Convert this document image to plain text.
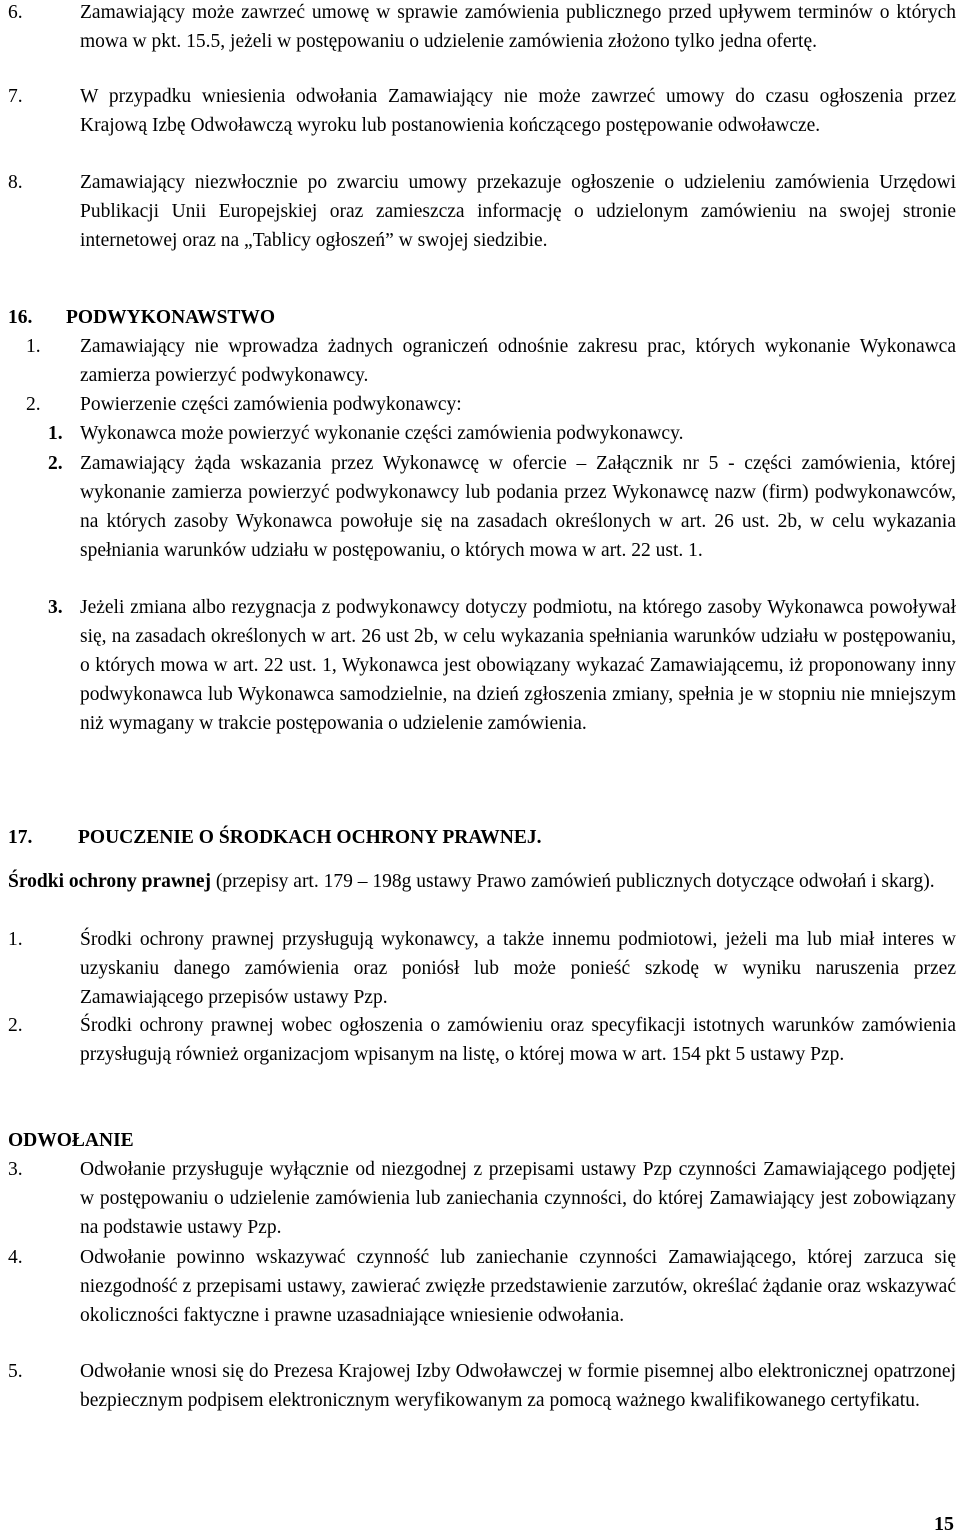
6.	Zamawiający może zawrzeć umowę w sprawie zamówienia publicznego przed upływem terminów o których mowa w pkt. 15.5, jeżeli w postępowaniu o udzielenie zamówienia złożono tylko jedna ofertę.
7.	W przypadku wniesienia odwołania Zamawiający nie może zawrzeć umowy do czasu ogłoszenia przez Krajową Izbę Odwoławczą wyroku lub postanowienia kończącego postępowanie odwoławcze.
8.	Zamawiający niezwłocznie po zwarciu umowy przekazuje ogłoszenie o udzieleniu zamówienia Urzędowi Publikacji Unii Europejskiej oraz zamieszcza informację o udzielonym zamówieniu na swojej stronie internetowej oraz na „Tablicy ogłoszeń” w swojej siedzibie.
16. PODWYKONAWSTWO
1. Zamawiający nie wprowadza żadnych ograniczeń odnośnie zakresu prac, których wykonanie Wykonawca zamierza powierzyć podwykonawcy.
2. Powierzenie części zamówienia podwykonawcy:
1. Wykonawca może powierzyć wykonanie części zamówienia podwykonawcy.
2. Zamawiający żąda wskazania przez Wykonawcę w ofercie – Załącznik nr 5 - części zamówienia, której wykonanie zamierza powierzyć podwykonawcy lub podania przez Wykonawcę nazw (firm) podwykonawców, na których zasoby Wykonawca powołuje się na zasadach określonych w art. 26 ust. 2b, w celu wykazania spełniania warunków udziału w postępowaniu, o których mowa w art. 22 ust. 1.
3. Jeżeli zmiana albo rezygnacja z podwykonawcy dotyczy podmiotu, na którego zasoby Wykonawca powoływał się, na zasadach określonych w art. 26 ust 2b, w celu wykazania spełniania warunków udziału w postępowaniu, o których mowa w art. 22 ust. 1, Wykonawca jest obowiązany wykazać Zamawiającemu, iż proponowany inny podwykonawca lub Wykonawca samodzielnie, na dzień zgłoszenia zmiany, spełnia je w stopniu nie mniejszym niż wymagany w trakcie postępowania o udzielenie zamówienia.
17. POUCZENIE O ŚRODKACH OCHRONY PRAWNEJ.
Środki ochrony prawnej (przepisy art. 179 – 198g ustawy Prawo zamówień publicznych dotyczące odwołań i skarg).
1.	Środki ochrony prawnej przysługują wykonawcy, a także innemu podmiotowi, jeżeli ma lub miał interes w uzyskaniu danego zamówienia oraz poniósł lub może ponieść szkodę w wyniku naruszenia przez Zamawiającego przepisów ustawy Pzp.
2.	Środki ochrony prawnej wobec ogłoszenia o zamówieniu oraz specyfikacji istotnych warunków zamówienia przysługują również organizacjom wpisanym na listę, o której mowa w art. 154 pkt 5 ustawy Pzp.
ODWOŁANIE
3.	Odwołanie przysługuje wyłącznie od niezgodnej z przepisami ustawy Pzp czynności Zamawiającego podjętej w postępowaniu o udzielenie zamówienia lub zaniechania czynności, do której Zamawiający jest zobowiązany na podstawie ustawy Pzp.
4.	Odwołanie powinno wskazywać czynność lub zaniechanie czynności Zamawiającego, której zarzuca się niezgodność z przepisami ustawy, zawierać zwięzłe przedstawienie zarzutów, określać żądanie oraz wskazywać okoliczności faktyczne i prawne uzasadniające wniesienie odwołania.
5.	Odwołanie wnosi się do Prezesa Krajowej Izby Odwoławczej w formie pisemnej albo elektronicznej opatrzonej bezpiecznym podpisem elektronicznym weryfikowanym za pomocą ważnego kwalifikowanego certyfikatu.
15
